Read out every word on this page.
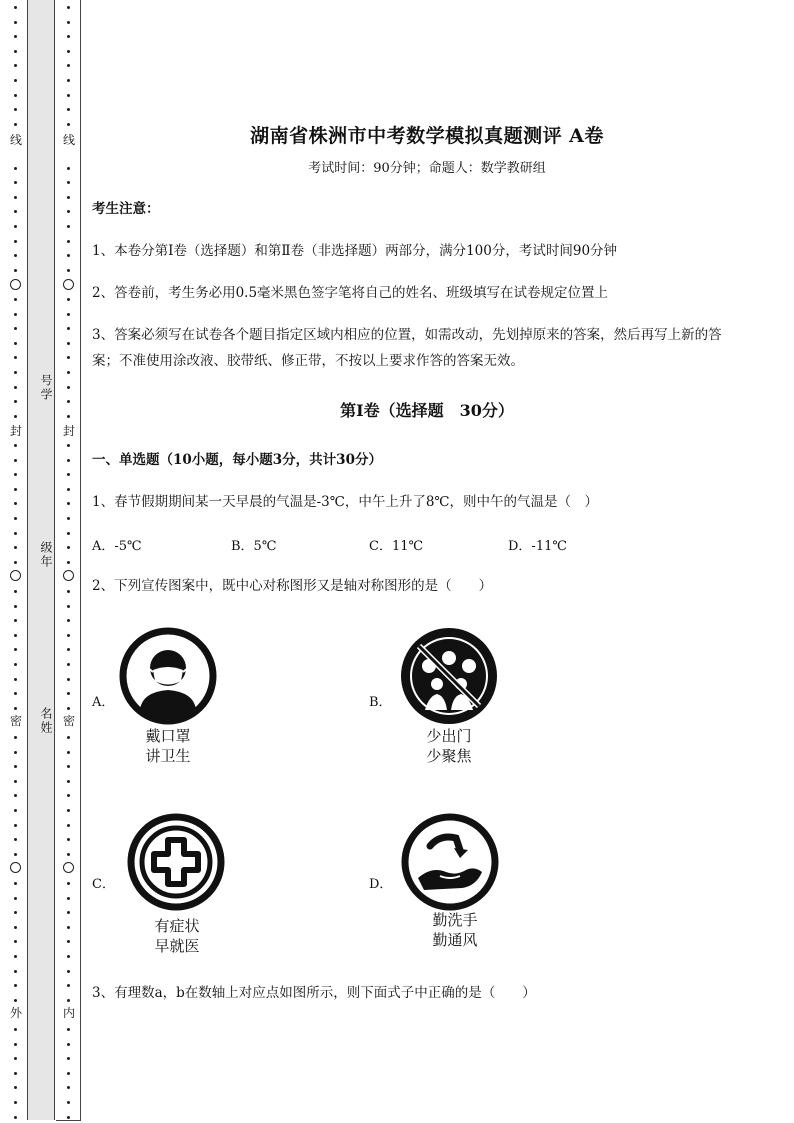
线
封
密
外
号学
级年
名姓
线
封
密
内
湖南省株洲市中考数学模拟真题测评 A卷
考试时间：90分钟；命题人：数学教研组
考生注意：
1、本卷分第I卷（选择题）和第Ⅱ卷（非选择题）两部分，满分100分，考试时间90分钟
2、答卷前，考生务必用0.5毫米黑色签字笔将自己的姓名、班级填写在试卷规定位置上
3、答案必须写在试卷各个题目指定区域内相应的位置，如需改动，先划掉原来的答案，然后再写上新的答案；不准使用涂改液、胶带纸、修正带，不按以上要求作答的答案无效。
第I卷（选择题　30分）
一、单选题（10小题，每小题3分，共计30分）
1、春节假期期间某一天早晨的气温是-3℃，中午上升了8℃，则中午的气温是（　）
A．-5℃	B．5℃	C．11℃	D．-11℃
2、下列宣传图案中，既中心对称图形又是轴对称图形的是（　　）
A．
戴口罩
讲卫生
B．
少出门
少聚焦
C．
有症状
早就医
D．
勤洗手
勤通风
3、有理数a，b在数轴上对应点如图所示，则下面式子中正确的是（　　）
